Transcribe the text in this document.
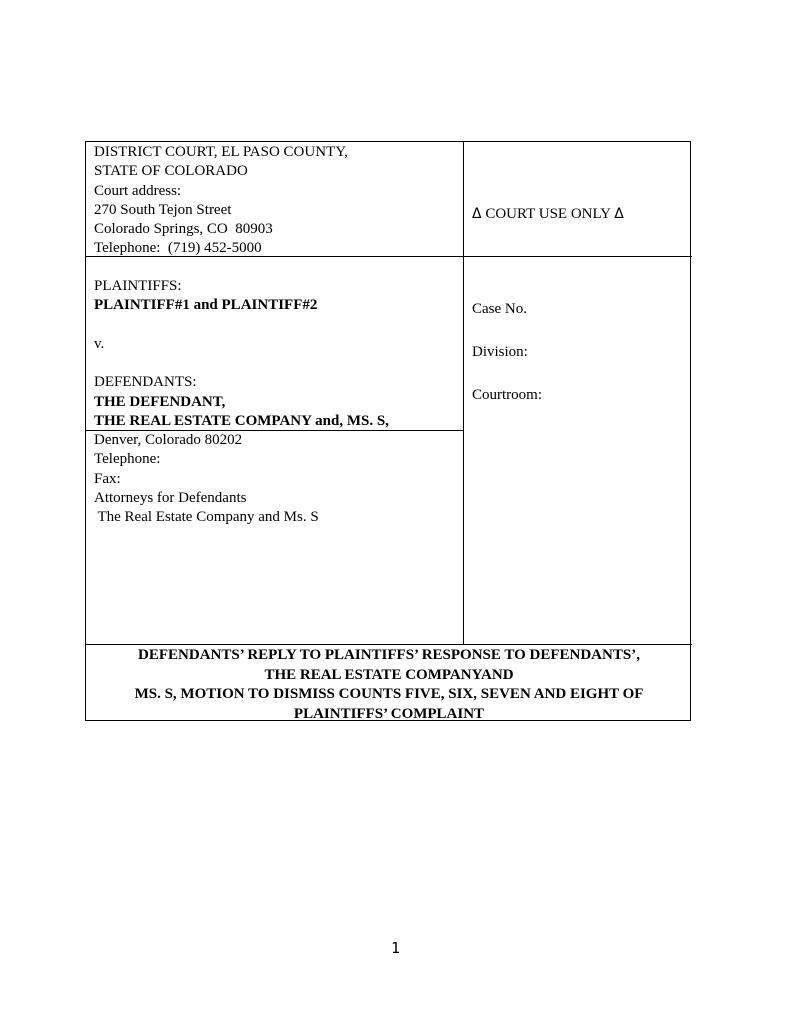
DISTRICT COURT, EL PASO COUNTY,
STATE OF COLORADO
Court address:
270 South Tejon Street
Colorado Springs, CO  80903
Telephone:  (719) 452-5000
Δ COURT USE ONLY Δ
PLAINTIFFS:
PLAINTIFF#1 and PLAINTIFF#2
v.
DEFENDANTS:
THE DEFENDANT,
THE REAL ESTATE COMPANY and, MS. S,
Denver, Colorado 80202
Telephone:
Fax:
Attorneys for Defendants
The Real Estate Company and Ms. S
Case No.
Division:
Courtroom:
DEFENDANTS’ REPLY TO PLAINTIFFS’ RESPONSE TO DEFENDANTS’,
THE REAL ESTATE COMPANYAND
MS. S, MOTION TO DISMISS COUNTS FIVE, SIX, SEVEN AND EIGHT OF
PLAINTIFFS’ COMPLAINT
1
